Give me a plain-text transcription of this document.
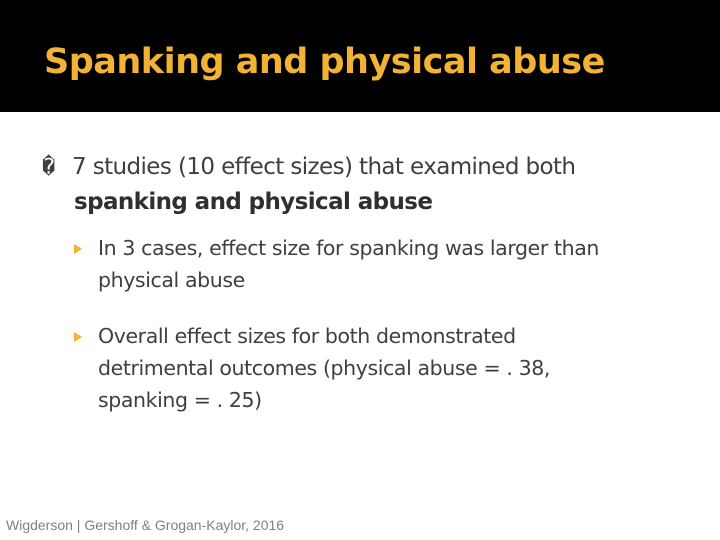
Spanking and physical abuse
� 7 studies (10 effect sizes) that examined both
spanking and physical abuse
In 3 cases, effect size for spanking was larger than
physical abuse
Overall effect sizes for both demonstrated
detrimental outcomes (physical abuse = . 38,
spanking = . 25)
Wigderson | Gershoff & Grogan-Kaylor, 2016
